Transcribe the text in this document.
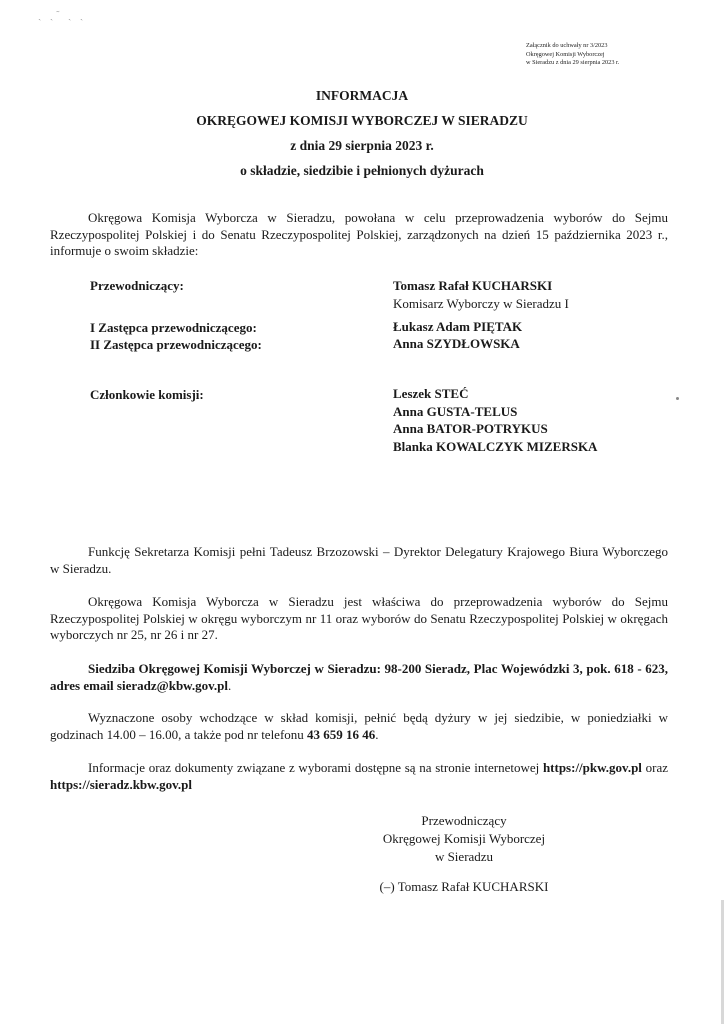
ˏ ˏ˜ ˎ ˏ
Załącznik do uchwały nr 3/2023
Okręgowej Komisji Wyborczej
w Sieradzu z dnia 29 sierpnia 2023 r.
INFORMACJA
OKRĘGOWEJ KOMISJI WYBORCZEJ W SIERADZU
z dnia 29 sierpnia 2023 r.
o składzie, siedzibie i pełnionych dyżurach
Okręgowa Komisja Wyborcza w Sieradzu, powołana w celu przeprowadzenia wyborów do Sejmu Rzeczypospolitej Polskiej i do Senatu Rzeczypospolitej Polskiej, zarządzonych na dzień 15 października 2023 r., informuje o swoim składzie:
Przewodniczący:	Tomasz Rafał KUCHARSKI
Komisarz Wyborczy w Sieradzu I
I Zastępca przewodniczącego:	Łukasz Adam PIĘTAK
II Zastępca przewodniczącego:	Anna SZYDŁOWSKA
Członkowie komisji:	Leszek STEĆ
Anna GUSTA-TELUS
Anna BATOR-POTRYKUS
Blanka KOWALCZYK MIZERSKA
Funkcję Sekretarza Komisji pełni Tadeusz Brzozowski – Dyrektor Delegatury Krajowego Biura Wyborczego w Sieradzu.
Okręgowa Komisja Wyborcza w Sieradzu jest właściwa do przeprowadzenia wyborów do Sejmu Rzeczypospolitej Polskiej w okręgu wyborczym nr 11 oraz wyborów do Senatu Rzeczypospolitej Polskiej w okręgach wyborczych nr 25, nr 26 i nr 27.
Siedziba Okręgowej Komisji Wyborczej w Sieradzu: 98-200 Sieradz, Plac Wojewódzki 3, pok. 618 - 623, adres email sieradz@kbw.gov.pl.
Wyznaczone osoby wchodzące w skład komisji, pełnić będą dyżury w jej siedzibie, w poniedziałki w godzinach 14.00 – 16.00, a także pod nr telefonu 43 659 16 46.
Informacje oraz dokumenty związane z wyborami dostępne są na stronie internetowej https://pkw.gov.pl oraz https://sieradz.kbw.gov.pl
Przewodniczący
Okręgowej Komisji Wyborczej
w Sieradzu
(–) Tomasz Rafał KUCHARSKI
